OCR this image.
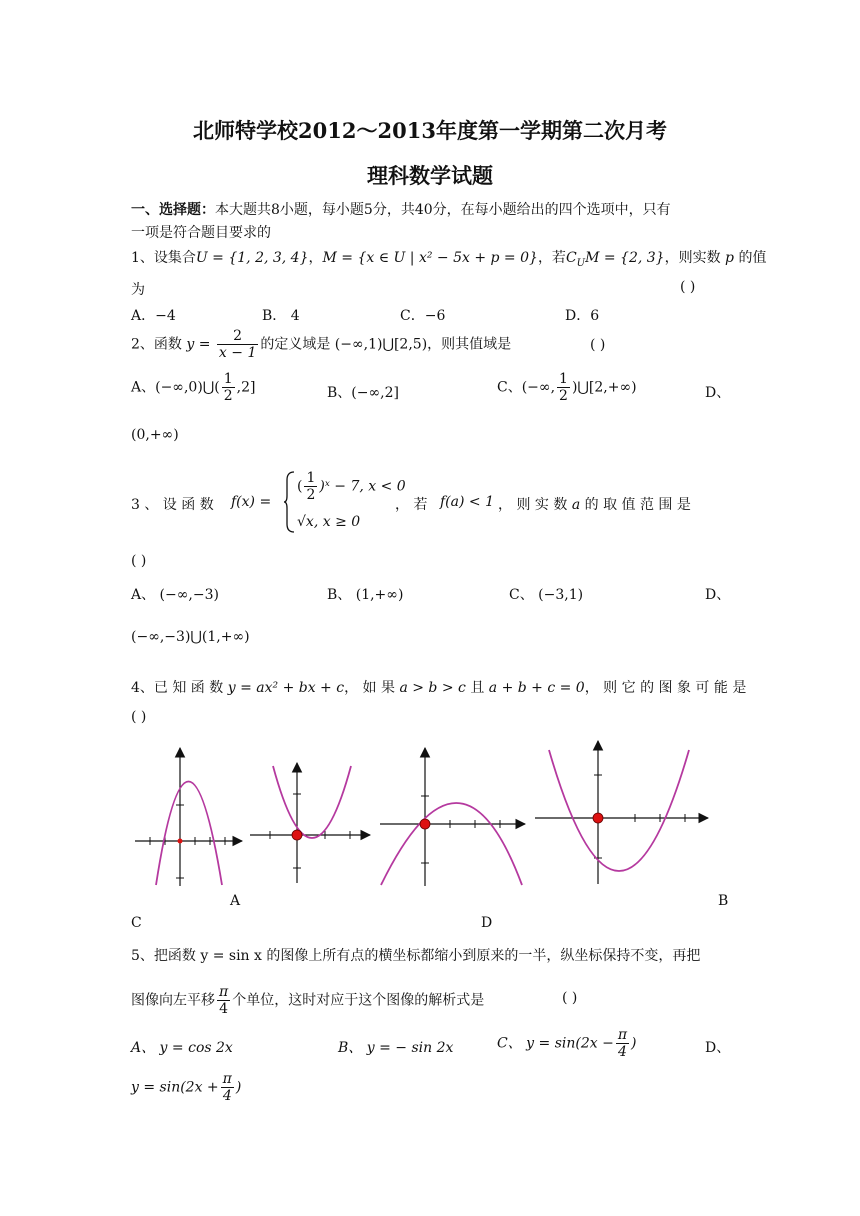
北师特学校2012～2013年度第一学期第二次月考
理科数学试题
一、选择题：本大题共8小题，每小题5分，共40分，在每小题给出的四个选项中，只有
一项是符合题目要求的
1、设集合U = {1, 2, 3, 4}，M = {x ∈ U | x² − 5x + p = 0}，若$C_UM = \{2$, 3}，则实数 p 的值
为	( )
A．−4	B． 4	C．−6	D．6
2、函数 $y = \frac{2}{x - 1}$ 的定义域是 (−∞,1)⋃[2,5)，则其值域是	( )
A、(−∞,0)⋃( $\frac{1}{2} ,2$]	B、(−∞,2]	C、(−∞, $\frac{1}{2}$ )⋃[2,+∞)	D、
(0,+∞)
3 、 设 函 数 f(x) =
( $\frac{1}{2}$ )ˣ − 7, x < 0
√x, x ≥ 0
， 若 f(a) < 1 ， 则 实 数 a 的 取 值 范 围 是
( )
A、 (−∞,−3)	B、 (1,+∞)	C、 (−3,1)	D、
(−∞,−3)⋃(1,+∞)
4、已 知 函 数 y = ax² + bx + c， 如 果 a > b > c 且 a + b + c = 0， 则 它 的 图 象 可 能 是
( )
A	B
C	D
5、把函数 y = sin x 的图像上所有点的横坐标都缩小到原来的一半，纵坐标保持不变，再把
图像向左平移 $\frac{\pi}{4}$ 个单位，这时对应于这个图像的解析式是	( )
A、 y = cos 2x	B、 y = − sin 2x	C、 $y = \sin(2x - \frac{\pi}{4}$ )	D、
$y = \sin(2x + \frac{\pi}{4}$ )
